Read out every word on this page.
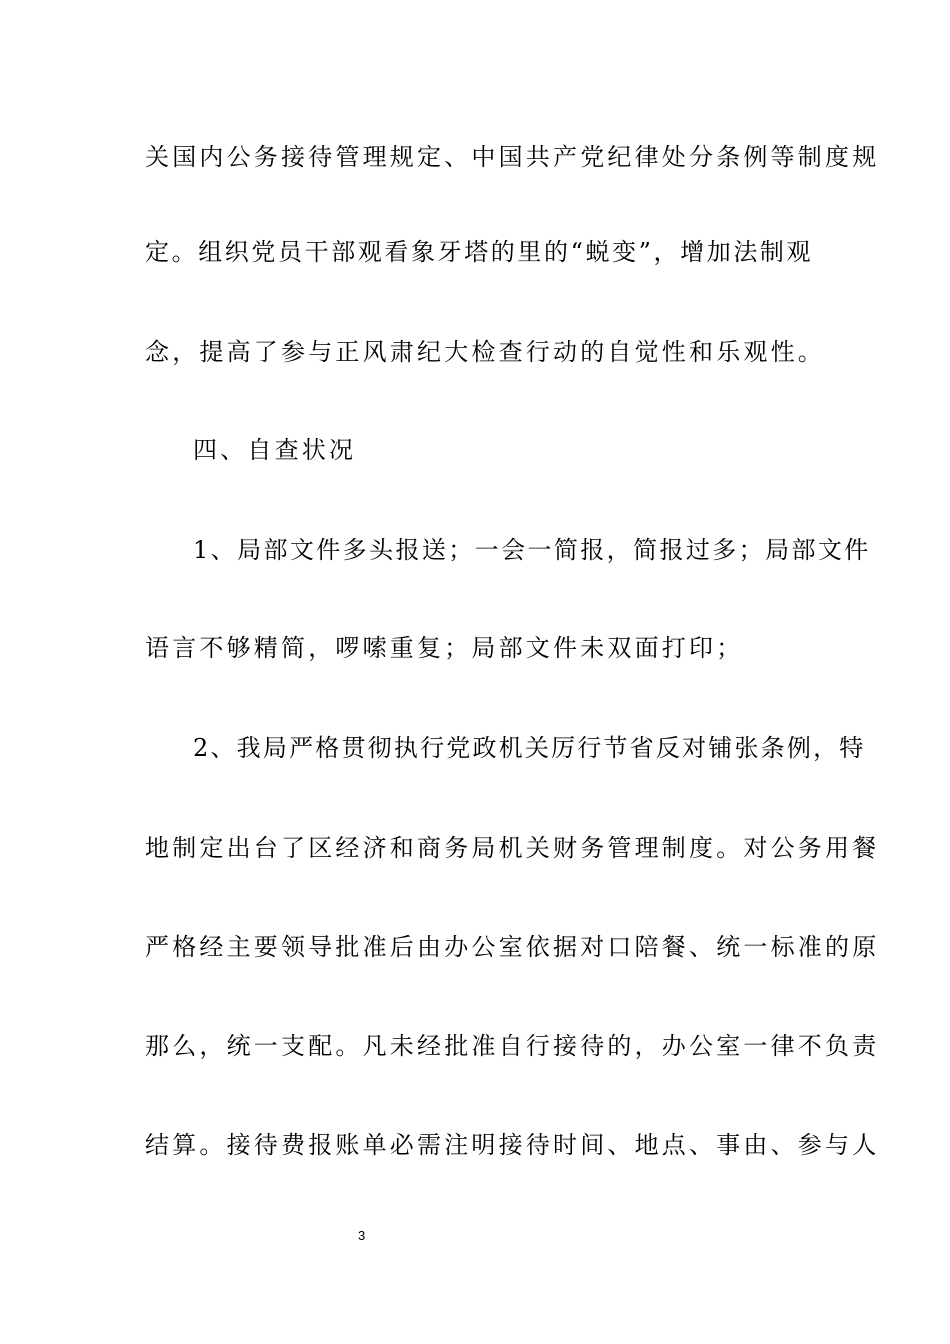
关国内公务接待管理规定、中国共产党纪律处分条例等制度规
定。组织党员干部观看象牙塔的里的“蜕变”，增加法制观
念，提高了参与正风肃纪大检查行动的自觉性和乐观性。
四、自查状况
1、局部文件多头报送；一会一简报，简报过多；局部文件
语言不够精简，啰嗦重复；局部文件未双面打印；
2、我局严格贯彻执行党政机关厉行节省反对铺张条例，特
地制定出台了区经济和商务局机关财务管理制度。对公务用餐
严格经主要领导批准后由办公室依据对口陪餐、统一标准的原
那么，统一支配。凡未经批准自行接待的，办公室一律不负责
结算。接待费报账单必需注明接待时间、地点、事由、参与人
3
